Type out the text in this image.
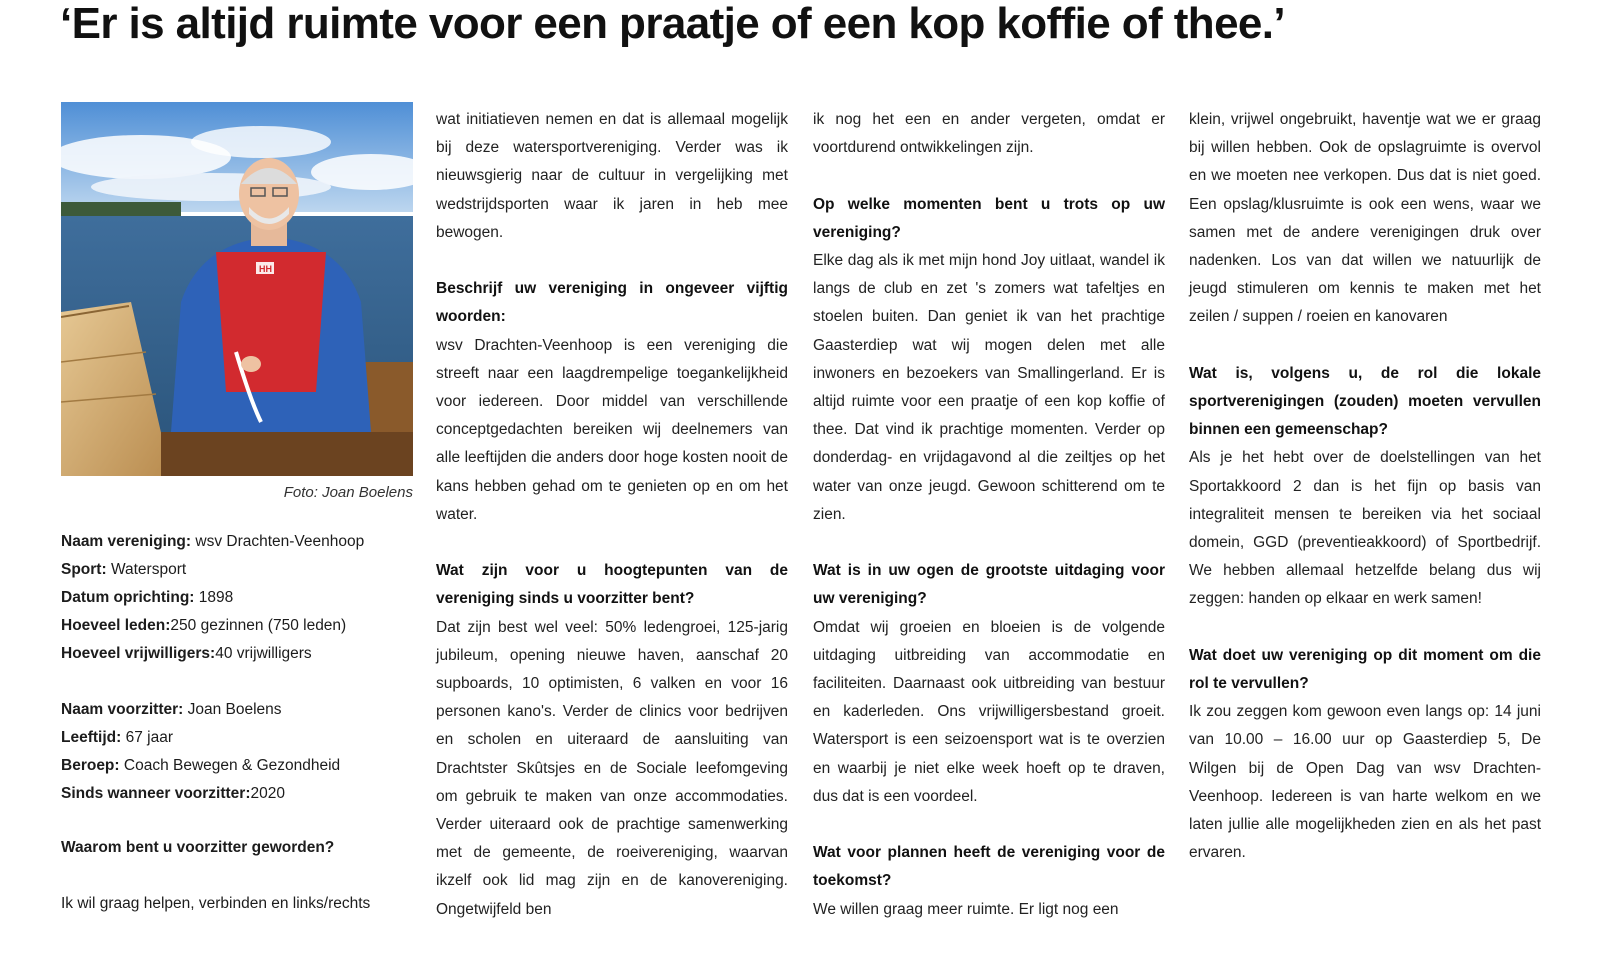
‘Er is altijd ruimte voor een praatje of een kop koffie of thee.’
HH
Foto: Joan Boelens
Naam vereniging: wsv Drachten-Veenhoop
Sport: Watersport
Datum oprichting: 1898
Hoeveel leden:250 gezinnen (750 leden)
Hoeveel vrijwilligers:40 vrijwilligers
Naam voorzitter: Joan Boelens
Leeftijd: 67 jaar
Beroep: Coach Bewegen & Gezondheid
Sinds wanneer voorzitter:2020
Waarom bent u voorzitter geworden?

Ik wil graag helpen, verbinden en links/rechts

wat initiatieven nemen en dat is allemaal mogelijk bij deze watersportvereniging. Verder was ik nieuwsgierig naar de cultuur in vergelijking met wedstrijdsporten waar ik jaren in heb mee bewogen.

Beschrijf uw vereniging in ongeveer vijftig woorden:

wsv Drachten-Veenhoop is een vereniging die streeft naar een laagdrempelige toegankelijkheid voor iedereen. Door middel van verschillende conceptgedachten bereiken wij deelnemers van alle leeftijden die anders door hoge kosten nooit de kans hebben gehad om te genieten op en om het water.

Wat zijn voor u hoogtepunten van de vereniging sinds u voorzitter bent?

Dat zijn best wel veel: 50% ledengroei, 125-jarig jubileum, opening nieuwe haven, aanschaf 20 supboards, 10 optimisten, 6 valken en voor 16 personen kano's. Verder de clinics voor bedrijven en scholen en uiteraard de aansluiting van Drachtster Skûtsjes en de Sociale leefomgeving om gebruik te maken van onze accommodaties. Verder uiteraard ook de prachtige samenwerking met de gemeente, de roeivereniging, waarvan ikzelf ook lid mag zijn en de kanovereniging. Ongetwijfeld ben

ik nog het een en ander vergeten, omdat er voortdurend ontwikkelingen zijn.

Op welke momenten bent u trots op uw vereniging?

Elke dag als ik met mijn hond Joy uitlaat, wandel ik langs de club en zet 's zomers wat tafeltjes en stoelen buiten. Dan geniet ik van het prachtige Gaasterdiep wat wij mogen delen met alle inwoners en bezoekers van Smallingerland. Er is altijd ruimte voor een praatje of een kop koffie of thee. Dat vind ik prachtige momenten. Verder op donderdag- en vrijdagavond al die zeiltjes op het water van onze jeugd. Gewoon schitterend om te zien.

Wat is in uw ogen de grootste uitdaging voor uw vereniging?

Omdat wij groeien en bloeien is de volgende uitdaging uitbreiding van accommodatie en faciliteiten. Daarnaast ook uitbreiding van bestuur en kaderleden. Ons vrijwilligersbestand groeit. Watersport is een seizoensport wat is te overzien en waarbij je niet elke week hoeft op te draven, dus dat is een voordeel.

Wat voor plannen heeft de vereniging voor de toekomst?

We willen graag meer ruimte. Er ligt nog een

klein, vrijwel ongebruikt, haventje wat we er graag bij willen hebben. Ook de opslagruimte is overvol en we moeten nee verkopen. Dus dat is niet goed. Een opslag/klusruimte is ook een wens, waar we samen met de andere verenigingen druk over nadenken. Los van dat willen we natuurlijk de jeugd stimuleren om kennis te maken met het zeilen / suppen / roeien en kanovaren

Wat is, volgens u, de rol die lokale sportverenigingen (zouden) moeten vervullen binnen een gemeenschap?

Als je het hebt over de doelstellingen van het Sportakkoord 2 dan is het fijn op basis van integraliteit mensen te bereiken via het sociaal domein, GGD (preventieakkoord) of Sportbedrijf. We hebben allemaal hetzelfde belang dus wij zeggen: handen op elkaar en werk samen!

Wat doet uw vereniging op dit moment om die rol te vervullen?

Ik zou zeggen kom gewoon even langs op: 14 juni van 10.00 – 16.00 uur op Gaasterdiep 5, De Wilgen bij de Open Dag van wsv Drachten-Veenhoop. Iedereen is van harte welkom en we laten jullie alle mogelijkheden zien en als het past ervaren.
